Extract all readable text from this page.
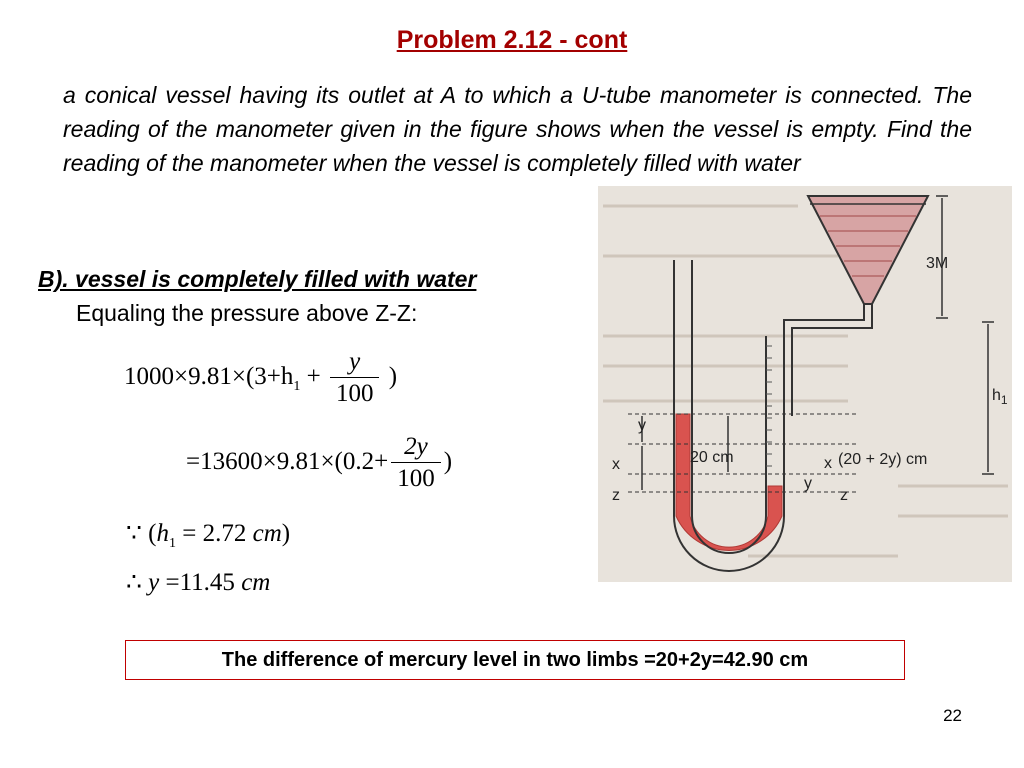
Problem 2.12 - cont
a conical vessel having its outlet at A to which a U-tube manometer is connected. The reading of the manometer given in the figure shows when the vessel is empty. Find the reading of the manometer when the vessel is completely filled with water
B). vessel is completely filled with water
Equaling the pressure above Z-Z:
$1000\times 9.81\times(3+h_1 + \frac{y}{100}$ )
$=13600\times 9.81\times(0.2+ \frac{2y}{100}$ )
∵ ($h_1 = 2.72$ cm)
∴ y =11.45 cm
3M
$h_1$
y
x
z
20 cm	x (20 + 2y) cm
y
z
The difference of mercury level in two limbs =20+2y=42.90 cm
22
